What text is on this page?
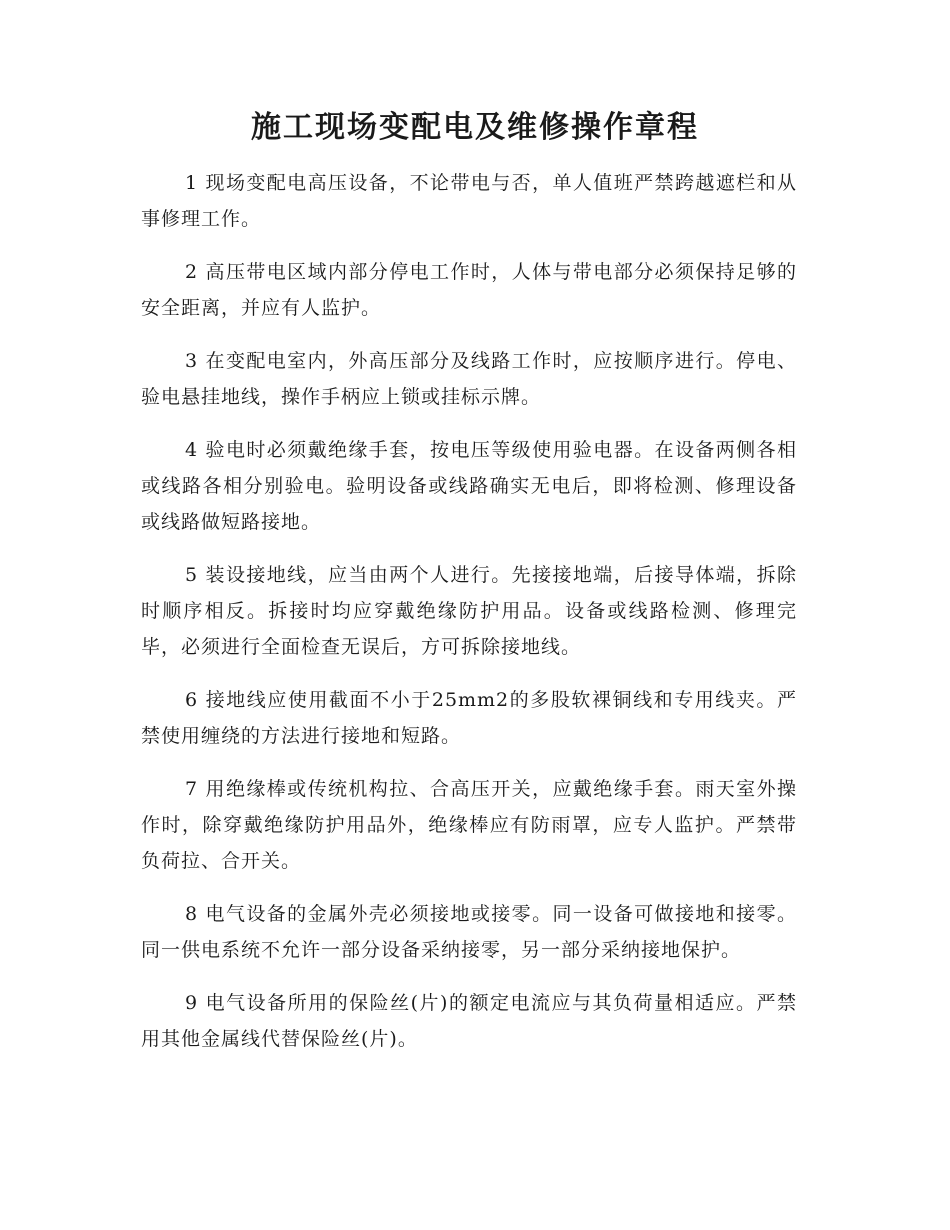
施工现场变配电及维修操作章程

1 现场变配电高压设备，不论带电与否，单人值班严禁跨越遮栏和从事修理工作。

2 高压带电区域内部分停电工作时，人体与带电部分必须保持足够的安全距离，并应有人监护。

3 在变配电室内，外高压部分及线路工作时，应按顺序进行。停电、验电悬挂地线，操作手柄应上锁或挂标示牌。

4 验电时必须戴绝缘手套，按电压等级使用验电器。在设备两侧各相或线路各相分别验电。验明设备或线路确实无电后，即将检测、修理设备或线路做短路接地。

5 装设接地线，应当由两个人进行。先接接地端，后接导体端，拆除时顺序相反。拆接时均应穿戴绝缘防护用品。设备或线路检测、修理完毕，必须进行全面检查无误后，方可拆除接地线。

6 接地线应使用截面不小于25mm2的多股软裸铜线和专用线夹。严禁使用缠绕的方法进行接地和短路。

7 用绝缘棒或传统机构拉、合高压开关，应戴绝缘手套。雨天室外操作时，除穿戴绝缘防护用品外，绝缘棒应有防雨罩，应专人监护。严禁带负荷拉、合开关。

8 电气设备的金属外壳必须接地或接零。同一设备可做接地和接零。同一供电系统不允许一部分设备采纳接零，另一部分采纳接地保护。

9 电气设备所用的保险丝(片)的额定电流应与其负荷量相适应。严禁用其他金属线代替保险丝(片)。
